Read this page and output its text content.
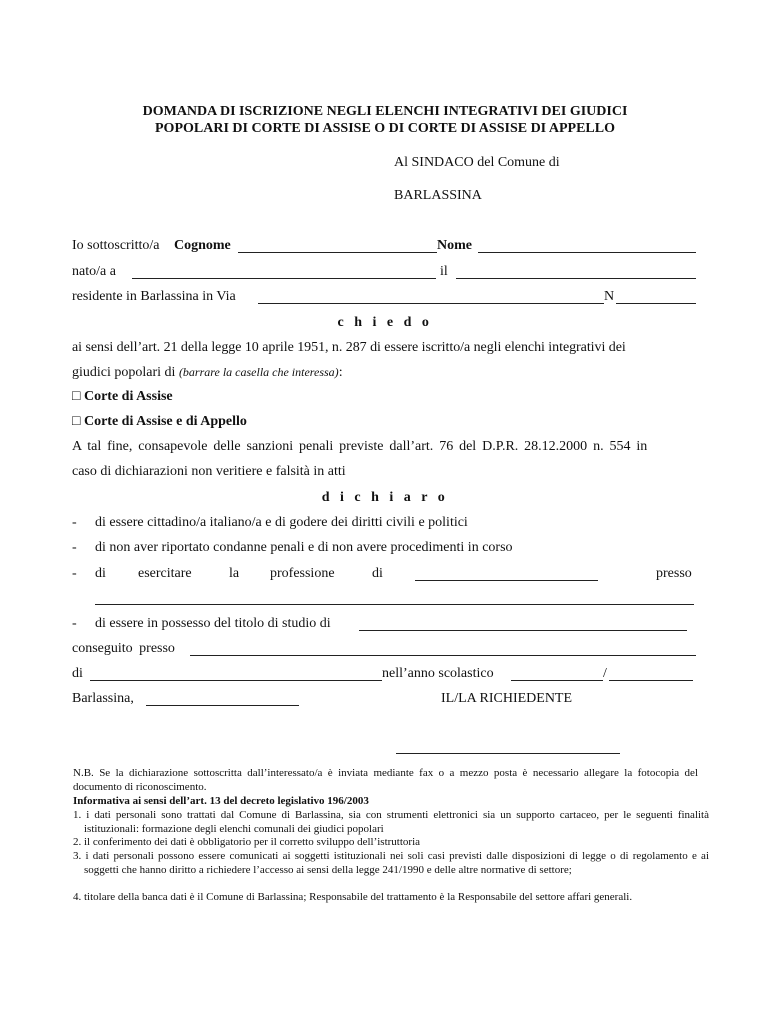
DOMANDA DI ISCRIZIONE NEGLI ELENCHI INTEGRATIVI DEI GIUDICI
POPOLARI DI CORTE DI ASSISE O DI CORTE DI ASSISE DI APPELLO
Al SINDACO del Comune di
BARLASSINA
Io sottoscritto/a Cognome	Nome
nato/a a	il
residente in Barlassina in Via	N
c h i e d o
ai sensi dell’art. 21 della legge 10 aprile 1951, n. 287 di essere iscritto/a negli elenchi integrativi dei
giudici popolari di (barrare la casella che interessa):
□ Corte di Assise
□ Corte di Assise e di Appello
A tal fine, consapevole delle sanzioni penali previste dall’art. 76 del D.P.R. 28.12.2000 n. 554 in
caso di dichiarazioni non veritiere e falsità in atti
d i c h i a r o
- di essere cittadino/a italiano/a e di godere dei diritti civili e politici
- di non aver riportato condanne penali e di non avere procedimenti in corso
- di esercitare	la professione	di	presso
- di essere in possesso del titolo di studio di
conseguito presso
di	nell’anno scolastico	/
Barlassina,	IL/LA RICHIEDENTE
N.B. Se la dichiarazione sottoscritta dall’interessato/a è inviata mediante fax o a mezzo posta è necessario allegare la fotocopia del documento di riconoscimento.
Informativa ai sensi dell’art. 13 del decreto legislativo 196/2003
1. i dati personali sono trattati dal Comune di Barlassina, sia con strumenti elettronici sia un supporto cartaceo, per le seguenti finalità istituzionali: formazione degli elenchi comunali dei giudici popolari
2. il conferimento dei dati è obbligatorio per il corretto sviluppo dell’istruttoria
3. i dati personali possono essere comunicati ai soggetti istituzionali nei soli casi previsti dalle disposizioni di legge o di regolamento e ai soggetti che hanno diritto a richiedere l’accesso ai sensi della legge 241/1990 e delle altre normative di settore;
4. titolare della banca dati è il Comune di Barlassina; Responsabile del trattamento è la Responsabile del settore affari generali.
